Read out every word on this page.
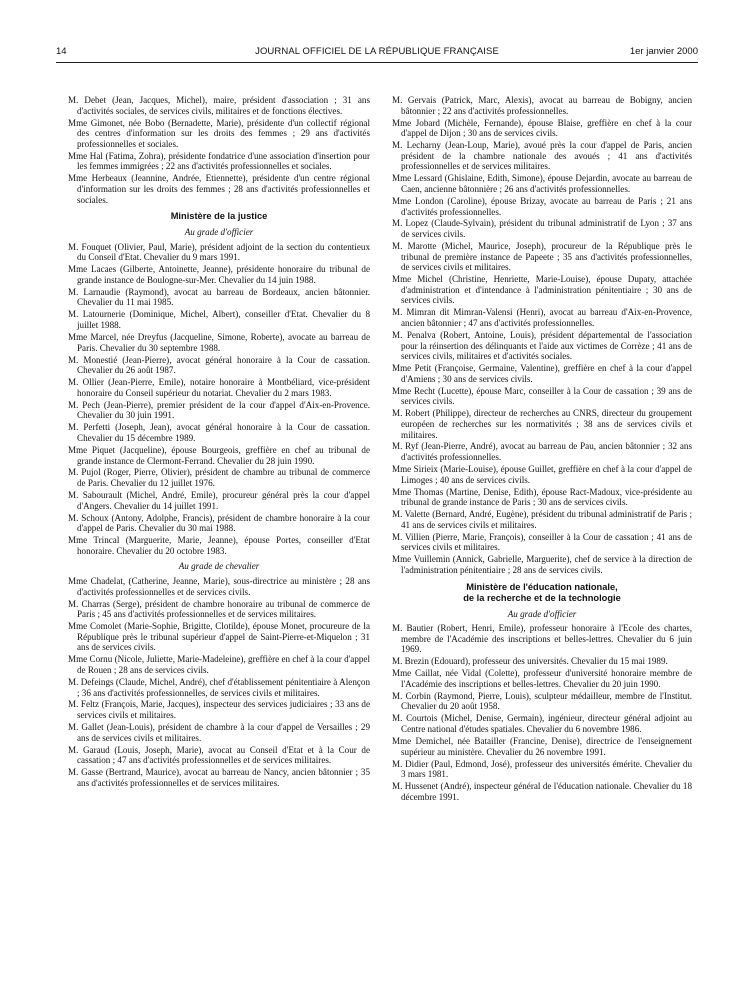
14	JOURNAL OFFICIEL DE LA RÉPUBLIQUE FRANÇAISE	1er janvier 2000

M. Debet (Jean, Jacques, Michel), maire, président d'association ; 31 ans d'activités sociales, de services civils, militaires et de fonctions électives.

Mme Gimonet, née Bobo (Bernadette, Marie), présidente d'un collectif régional des centres d'information sur les droits des femmes ; 29 ans d'activités professionnelles et sociales.

Mme Hal (Fatima, Zohra), présidente fondatrice d'une association d'insertion pour les femmes immigrées ; 22 ans d'activités professionnelles et sociales.

Mme Herbeaux (Jeannine, Andrée, Etiennette), présidente d'un centre régional d'information sur les droits des femmes ; 28 ans d'activités professionnelles et sociales.

Ministère de la justice
Au grade d'officier

M. Fouquet (Olivier, Paul, Marie), président adjoint de la section du contentieux du Conseil d'Etat. Chevalier du 9 mars 1991.

Mme Lacaes (Gilberte, Antoinette, Jeanne), présidente honoraire du tribunal de grande instance de Boulogne-sur-Mer. Chevalier du 14 juin 1988.

M. Larnaudie (Raymond), avocat au barreau de Bordeaux, ancien bâtonnier. Chevalier du 11 mai 1985.

M. Latournerie (Dominique, Michel, Albert), conseiller d'Etat. Chevalier du 8 juillet 1988.

Mme Marcel, née Dreyfus (Jacqueline, Simone, Roberte), avocate au barreau de Paris. Chevalier du 30 septembre 1988.

M. Monestié (Jean-Pierre), avocat général honoraire à la Cour de cassation. Chevalier du 26 août 1987.

M. Ollier (Jean-Pierre, Emile), notaire honoraire à Montbéliard, vice-président honoraire du Conseil supérieur du notariat. Chevalier du 2 mars 1983.

M. Pech (Jean-Pierre), premier président de la cour d'appel d'Aix-en-Provence. Chevalier du 30 juin 1991.

M. Perfetti (Joseph, Jean), avocat général honoraire à la Cour de cassation. Chevalier du 15 décembre 1989.

Mme Piquet (Jacqueline), épouse Bourgeois, greffière en chef au tribunal de grande instance de Clermont-Ferrand. Chevalier du 28 juin 1990.

M. Pujol (Roger, Pierre, Olivier), président de chambre au tribunal de commerce de Paris. Chevalier du 12 juillet 1976.

M. Sabourault (Michel, André, Emile), procureur général près la cour d'appel d'Angers. Chevalier du 14 juillet 1991.

M. Schoux (Antony, Adolphe, Francis), président de chambre honoraire à la cour d'appel de Paris. Chevalier du 30 mai 1988.

Mme Trincal (Marguerite, Marie, Jeanne), épouse Portes, conseiller d'Etat honoraire. Chevalier du 20 octobre 1983.

Au grade de chevalier

Mme Chadelat, (Catherine, Jeanne, Marie), sous-directrice au ministère ; 28 ans d'activités professionnelles et de services civils.

M. Charras (Serge), président de chambre honoraire au tribunal de commerce de Paris ; 45 ans d'activités professionnelles et de services militaires.

Mme Comolet (Marie-Sophie, Brigitte, Clotilde), épouse Monet, procureure de la République près le tribunal supérieur d'appel de Saint-Pierre-et-Miquelon ; 31 ans de services civils.

Mme Cornu (Nicole, Juliette, Marie-Madeleine), greffière en chef à la cour d'appel de Rouen ; 28 ans de services civils.

M. Defeings (Claude, Michel, André), chef d'établissement pénitentiaire à Alençon ; 36 ans d'activités professionnelles, de services civils et militaires.

M. Feltz (François, Marie, Jacques), inspecteur des services judiciaires ; 33 ans de services civils et militaires.

M. Gallet (Jean-Louis), président de chambre à la cour d'appel de Versailles ; 29 ans de services civils et militaires.

M. Garaud (Louis, Joseph, Marie), avocat au Conseil d'Etat et à la Cour de cassation ; 47 ans d'activités professionnelles et de services militaires.

M. Gasse (Bertrand, Maurice), avocat au barreau de Nancy, ancien bâtonnier ; 35 ans d'activités professionnelles et de services militaires.

M. Gervais (Patrick, Marc, Alexis), avocat au barreau de Bobigny, ancien bâtonnier ; 22 ans d'activités professionnelles.

Mme Jobard (Michèle, Fernande), épouse Blaise, greffière en chef à la cour d'appel de Dijon ; 30 ans de services civils.

M. Lecharny (Jean-Loup, Marie), avoué près la cour d'appel de Paris, ancien président de la chambre nationale des avoués ; 41 ans d'activités professionnelles et de services militaires.

Mme Lessard (Ghislaine, Edith, Simone), épouse Dejardin, avocate au barreau de Caen, ancienne bâtonnière ; 26 ans d'activités professionnelles.

Mme London (Caroline), épouse Brizay, avocate au barreau de Paris ; 21 ans d'activités professionnelles.

M. Lopez (Claude-Sylvain), président du tribunal administratif de Lyon ; 37 ans de services civils.

M. Marotte (Michel, Maurice, Joseph), procureur de la République près le tribunal de première instance de Papeete ; 35 ans d'activités professionnelles, de services civils et militaires.

Mme Michel (Christine, Henriette, Marie-Louise), épouse Dupaty, attachée d'administration et d'intendance à l'administration pénitentiaire ; 30 ans de services civils.

M. Mimran dit Mimran-Valensi (Henri), avocat au barreau d'Aix-en-Provence, ancien bâtonnier ; 47 ans d'activités professionnelles.

M. Penalva (Robert, Antoine, Louis), président départemental de l'association pour la réinsertion des délinquants et l'aide aux victimes de Corrèze ; 41 ans de services civils, militaires et d'activités sociales.

Mme Petit (Françoise, Germaine, Valentine), greffière en chef à la cour d'appel d'Amiens ; 30 ans de services civils.

Mme Recht (Lucette), épouse Marc, conseiller à la Cour de cassation ; 39 ans de services civils.

M. Robert (Philippe), directeur de recherches au CNRS, directeur du groupement européen de recherches sur les normativités ; 38 ans de services civils et militaires.

M. Ryf (Jean-Pierre, André), avocat au barreau de Pau, ancien bâtonnier ; 32 ans d'activités professionnelles.

Mme Sirieix (Marie-Louise), épouse Guillet, greffière en chef à la cour d'appel de Limoges ; 40 ans de services civils.

Mme Thomas (Martine, Denise, Edith), épouse Ract-Madoux, vice-présidente au tribunal de grande instance de Paris ; 30 ans de services civils.

M. Valette (Bernard, André, Eugène), président du tribunal administratif de Paris ; 41 ans de services civils et militaires.

M. Villien (Pierre, Marie, François), conseiller à la Cour de cassation ; 41 ans de services civils et militaires.

Mme Vuillemin (Annick, Gabrielle, Marguerite), chef de service à la direction de l'administration pénitentiaire ; 28 ans de services civils.

Ministère de l'éducation nationale,
de la recherche et de la technologie
Au grade d'officier

M. Bautier (Robert, Henri, Emile), professeur honoraire à l'Ecole des chartes, membre de l'Académie des inscriptions et belles-lettres. Chevalier du 6 juin 1969.

M. Brezin (Edouard), professeur des universités. Chevalier du 15 mai 1989.

Mme Caillat, née Vidal (Colette), professeur d'université honoraire membre de l'Académie des inscriptions et belles-lettres. Chevalier du 20 juin 1990.

M. Corbin (Raymond, Pierre, Louis), sculpteur médailleur, membre de l'Institut. Chevalier du 20 août 1958.

M. Courtois (Michel, Denise, Germain), ingénieur, directeur général adjoint au Centre national d'études spatiales. Chevalier du 6 novembre 1986.

Mme Demichel, née Batailler (Francine, Denise), directrice de l'enseignement supérieur au ministère. Chevalier du 26 novembre 1991.

M. Didier (Paul, Edmond, José), professeur des universités émérite. Chevalier du 3 mars 1981.

M. Hussenet (André), inspecteur général de l'éducation nationale. Chevalier du 18 décembre 1991.
